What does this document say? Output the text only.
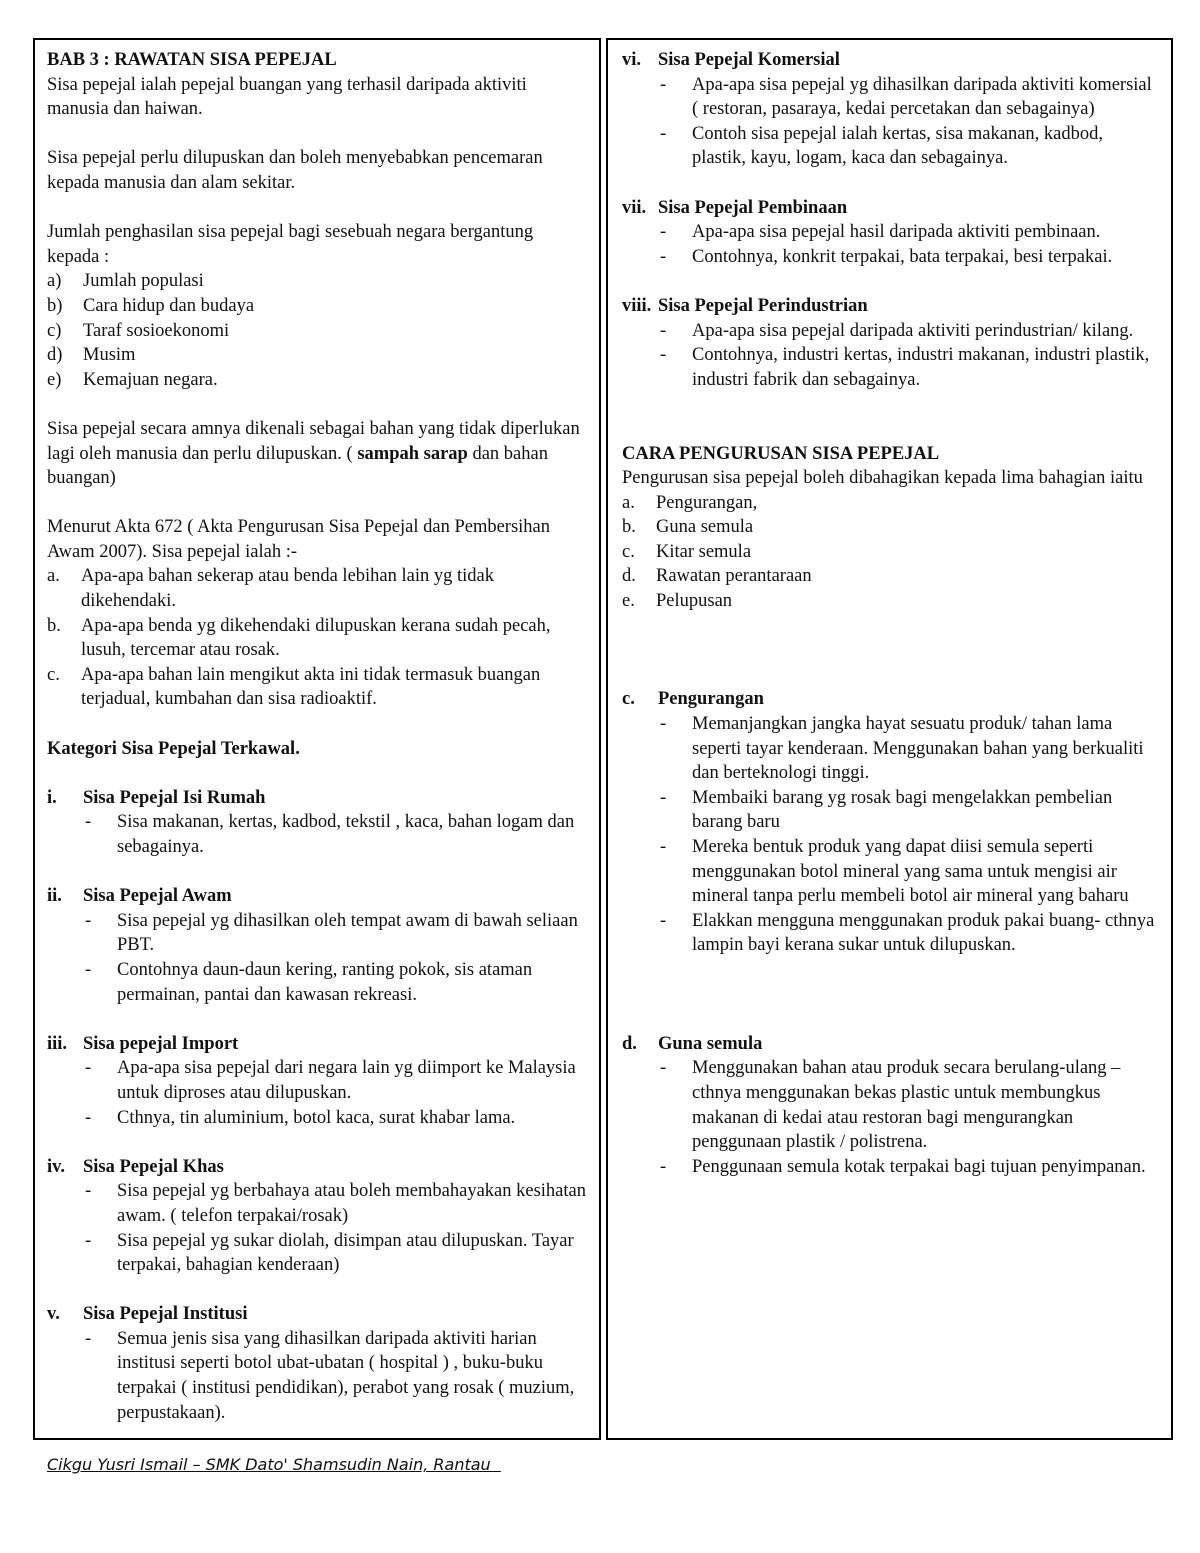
BAB 3 : RAWATAN SISA PEPEJAL

Sisa pepejal ialah pepejal buangan yang terhasil daripada aktiviti manusia dan haiwan.

Sisa pepejal perlu dilupuskan dan boleh menyebabkan pencemaran kepada manusia dan alam sekitar.

Jumlah penghasilan sisa pepejal bagi sesebuah negara bergantung kepada :

a)	Jumlah populasi
b)	Cara hidup dan budaya
c)	Taraf sosioekonomi
d)	Musim
e)	Kemajuan negara.

Sisa pepejal secara amnya dikenali sebagai bahan yang tidak diperlukan lagi oleh manusia dan perlu dilupuskan. ( sampah sarap dan bahan buangan)

Menurut Akta 672 ( Akta Pengurusan Sisa Pepejal dan Pembersihan Awam 2007). Sisa pepejal ialah :-

a.	Apa-apa bahan sekerap atau benda lebihan lain yg tidak dikehendaki.
b.	Apa-apa benda yg dikehendaki dilupuskan kerana sudah pecah, lusuh, tercemar atau rosak.
c.	Apa-apa bahan lain mengikut akta ini tidak termasuk buangan terjadual, kumbahan dan sisa radioaktif.

Kategori Sisa Pepejal Terkawal.

i.	Sisa Pepejal Isi Rumah
-	Sisa makanan, kertas, kadbod, tekstil , kaca, bahan logam dan sebagainya.
ii.	Sisa Pepejal Awam
-	Sisa pepejal yg dihasilkan oleh tempat awam di bawah seliaan PBT.
-	Contohnya daun-daun kering, ranting pokok, sis ataman permainan, pantai dan kawasan rekreasi.
iii. Sisa pepejal Import
-	Apa-apa sisa pepejal dari negara lain yg diimport ke Malaysia untuk diproses atau dilupuskan.
-	Cthnya, tin aluminium, botol kaca, surat khabar lama.
iv. Sisa Pepejal Khas
-	Sisa pepejal yg berbahaya atau boleh membahayakan kesihatan awam. ( telefon terpakai/rosak)
-	Sisa pepejal yg sukar diolah, disimpan atau dilupuskan. Tayar terpakai, bahagian kenderaan)
v.	Sisa Pepejal Institusi
-	Semua jenis sisa yang dihasilkan daripada aktiviti harian institusi seperti botol ubat-ubatan ( hospital ) , buku-buku terpakai ( institusi pendidikan), perabot yang rosak ( muzium, perpustakaan).
vi. Sisa Pepejal Komersial
-	Apa-apa sisa pepejal yg dihasilkan daripada aktiviti komersial ( restoran, pasaraya, kedai percetakan dan sebagainya)
-	Contoh sisa pepejal ialah kertas, sisa makanan, kadbod, plastik, kayu, logam, kaca dan sebagainya.
vii. Sisa Pepejal Pembinaan
-	Apa-apa sisa pepejal hasil daripada aktiviti pembinaan.
-	Contohnya, konkrit terpakai, bata terpakai, besi terpakai.
viii. Sisa Pepejal Perindustrian
-	Apa-apa sisa pepejal daripada aktiviti perindustrian/ kilang.
-	Contohnya, industri kertas, industri makanan, industri plastik, industri fabrik dan sebagainya.

CARA PENGURUSAN SISA PEPEJAL

Pengurusan sisa pepejal boleh dibahagikan kepada lima bahagian iaitu

a.	Pengurangan,
b.	Guna semula
c.	Kitar semula
d.	Rawatan perantaraan
e.	Pelupusan
c.	Pengurangan
-	Memanjangkan jangka hayat sesuatu produk/ tahan lama seperti tayar kenderaan. Menggunakan bahan yang berkualiti dan berteknologi tinggi.
-	Membaiki barang yg rosak bagi mengelakkan pembelian barang baru
-	Mereka bentuk produk yang dapat diisi semula seperti menggunakan botol mineral yang sama untuk mengisi air mineral tanpa perlu membeli botol air mineral yang baharu
-	Elakkan mengguna menggunakan produk pakai buang- cthnya lampin bayi kerana sukar untuk dilupuskan.
d.	Guna semula
-	Menggunakan bahan atau produk secara berulang-ulang – cthnya menggunakan bekas plastic untuk membungkus makanan di kedai atau restoran bagi mengurangkan penggunaan plastik / polistrena.
-	Penggunaan semula kotak terpakai bagi tujuan penyimpanan.
Cikgu Yusri Ismail – SMK Dato' Shamsudin Nain, Rantau
